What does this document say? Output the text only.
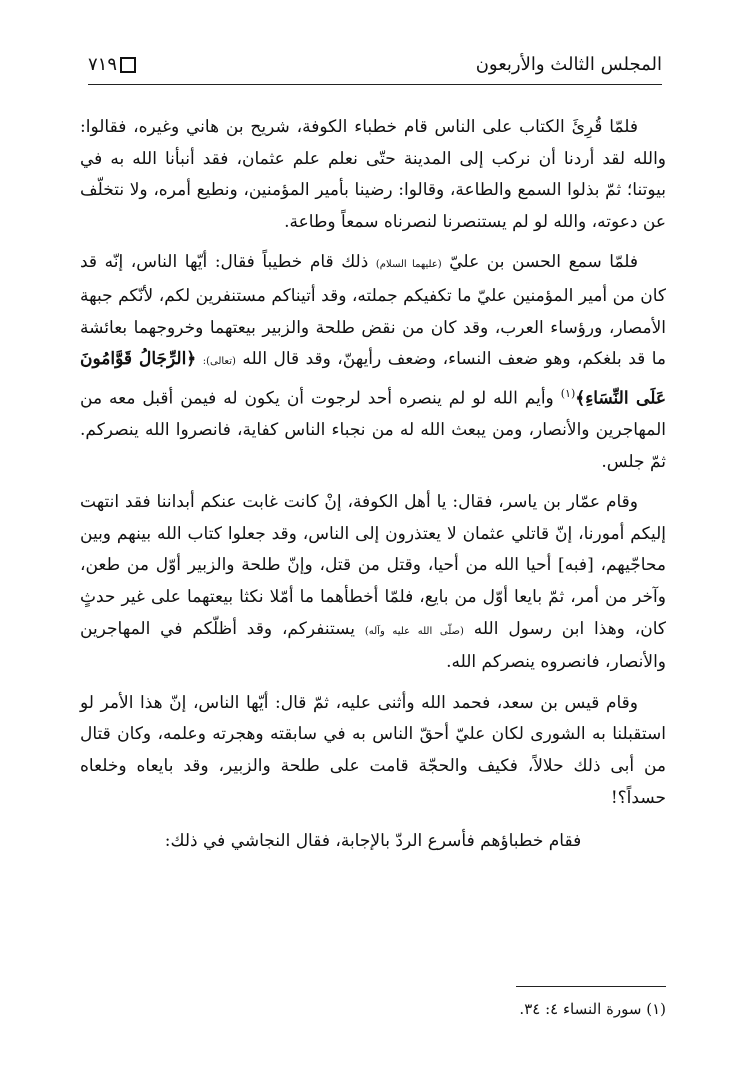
المجلس الثالث والأربعون
٧١٩

فلمّا قُرِئَ الكتاب على الناس قام خطباء الكوفة، شريح بن هاني وغيره، فقالوا: والله لقد أردنا أن نركب إلى المدينة حتّى نعلم علم عثمان، فقد أنبأنا الله به في بيوتنا؛ ثمّ بذلوا السمع والطاعة، وقالوا: رضينا بأمير المؤمنين، ونطيع أمره، ولا نتخلّف عن دعوته، والله لو لم يستنصرنا لنصرناه سمعاً وطاعة.

فلمّا سمع الحسن بن عليّ (عليهما السلام) ذلك قام خطيباً فقال: أيّها الناس، إنّه قد كان من أمير المؤمنين عليّ ما تكفيكم جملته، وقد أتيناكم مستنفرين لكم، لأنّكم جبهة الأمصار، ورؤساء العرب، وقد كان من نقض طلحة والزبير بيعتهما وخروجهما بعائشة ما قد بلغكم، وهو ضعف النساء، وضعف رأيهنّ، وقد قال الله (تعالى): ﴿الرِّجَالُ قَوَّامُونَ عَلَى النِّسَاءِ﴾$^{(١)}$ وأيم الله لو لم ينصره أحد لرجوت أن يكون له فيمن أقبل معه من المهاجرين والأنصار، ومن يبعث الله له من نجباء الناس كفاية، فانصروا الله ينصركم. ثمّ جلس.

وقام عمّار بن ياسر، فقال: يا أهل الكوفة، إنْ كانت غابت عنكم أبداننا فقد انتهت إليكم أمورنا، إنّ قاتلي عثمان لا يعتذرون إلى الناس، وقد جعلوا كتاب الله بينهم وبين محاجّيهم، [فبه] أحيا الله من أحيا، وقتل من قتل، وإنّ طلحة والزبير أوّل من طعن، وآخر من أمر، ثمّ بايعا أوّل من بايع، فلمّا أخطأهما ما أمّلا نكثا بيعتهما على غير حدثٍ كان، وهذا ابن رسول الله (صلّى الله عليه وآله) يستنفركم، وقد أظلّكم في المهاجرين والأنصار، فانصروه ينصركم الله.

وقام قيس بن سعد، فحمد الله وأثنى عليه، ثمّ قال: أيّها الناس، إنّ هذا الأمر لو استقبلنا به الشورى لكان عليّ أحقّ الناس به في سابقته وهجرته وعلمه، وكان قتال من أبى ذلك حلالاً، فكيف والحجّة قامت على طلحة والزبير، وقد بايعاه وخلعاه حسداً؟!

فقام خطباؤهم فأسرع الردّ بالإجابة، فقال النجاشي في ذلك:

(١) سورة النساء ٤: ٣٤.
